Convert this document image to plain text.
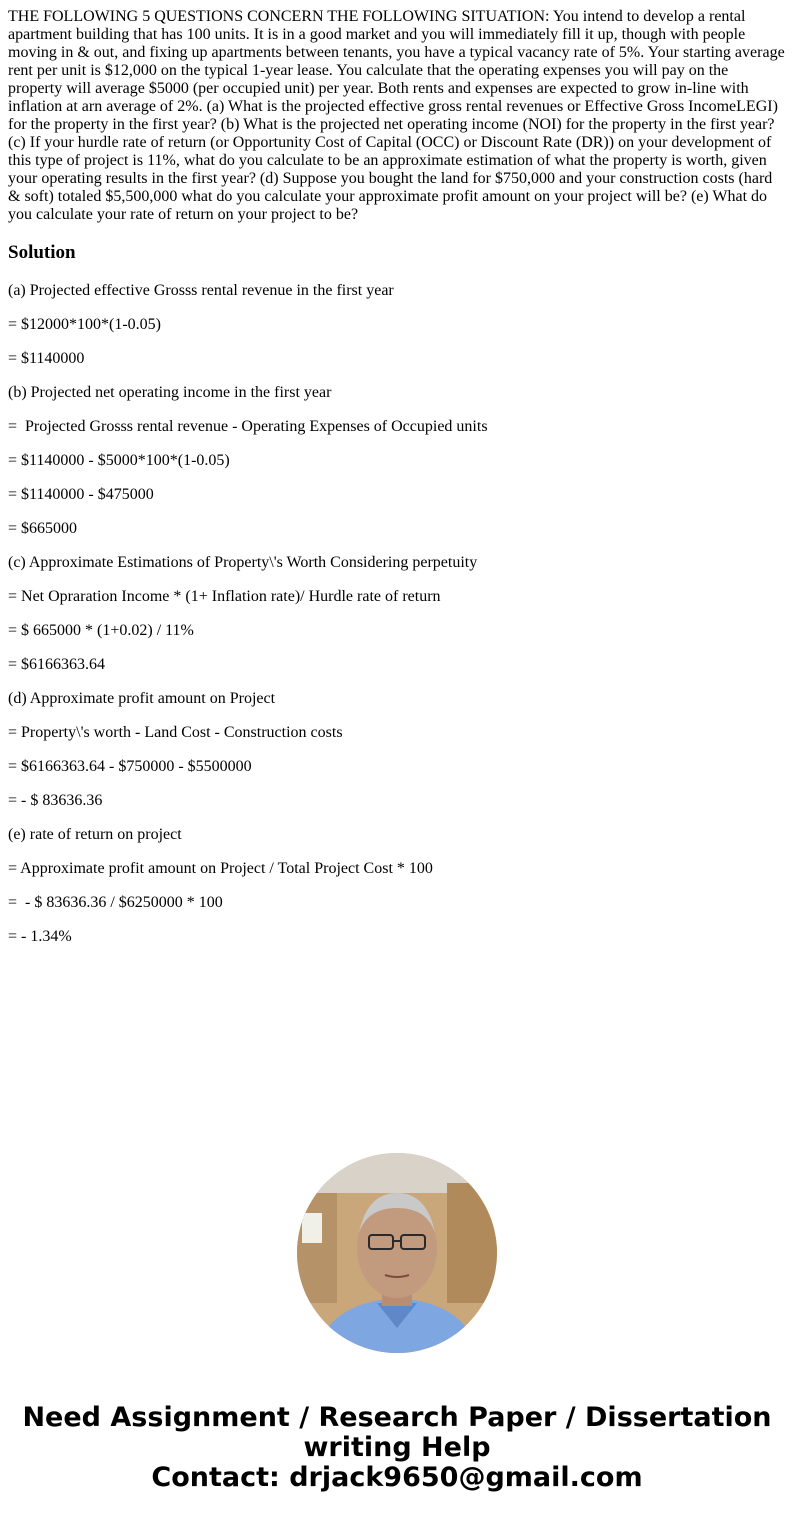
THE FOLLOWING 5 QUESTIONS CONCERN THE FOLLOWING SITUATION: You intend to develop a rental apartment building that has 100 units. It is in a good market and you will immediately fill it up, though with people moving in & out, and fixing up apartments between tenants, you have a typical vacancy rate of 5%. Your starting average rent per unit is $12,000 on the typical 1-year lease. You calculate that the operating expenses you will pay on the property will average $5000 (per occupied unit) per year. Both rents and expenses are expected to grow in-line with inflation at arn average of 2%. (a) What is the projected effective gross rental revenues or Effective Gross IncomeLEGI) for the property in the first year? (b) What is the projected net operating income (NOI) for the property in the first year? (c) If your hurdle rate of return (or Opportunity Cost of Capital (OCC) or Discount Rate (DR)) on your development of this type of project is 11%, what do you calculate to be an approximate estimation of what the property is worth, given your operating results in the first year? (d) Suppose you bought the land for $750,000 and your construction costs (hard & soft) totaled $5,500,000 what do you calculate your approximate profit amount on your project will be? (e) What do you calculate your rate of return on your project to be?

Solution

(a) Projected effective Grosss rental revenue in the first year

= $12000*100*(1-0.05)

= $1140000

(b) Projected net operating income in the first year

=  Projected Grosss rental revenue - Operating Expenses of Occupied units

= $1140000 - $5000*100*(1-0.05)

= $1140000 - $475000

= $665000

(c) Approximate Estimations of Property\'s Worth Considering perpetuity

= Net Opraration Income * (1+ Inflation rate)/ Hurdle rate of return

= $ 665000 * (1+0.02) / 11%

= $6166363.64

(d) Approximate profit amount on Project

= Property\'s worth - Land Cost - Construction costs

= $6166363.64 - $750000 - $5500000

= - $ 83636.36

(e) rate of return on project

= Approximate profit amount on Project / Total Project Cost * 100

=  - $ 83636.36 / $6250000 * 100

= - 1.34%

Need Assignment / Research Paper / Dissertation
writing Help
Contact: drjack9650@gmail.com
